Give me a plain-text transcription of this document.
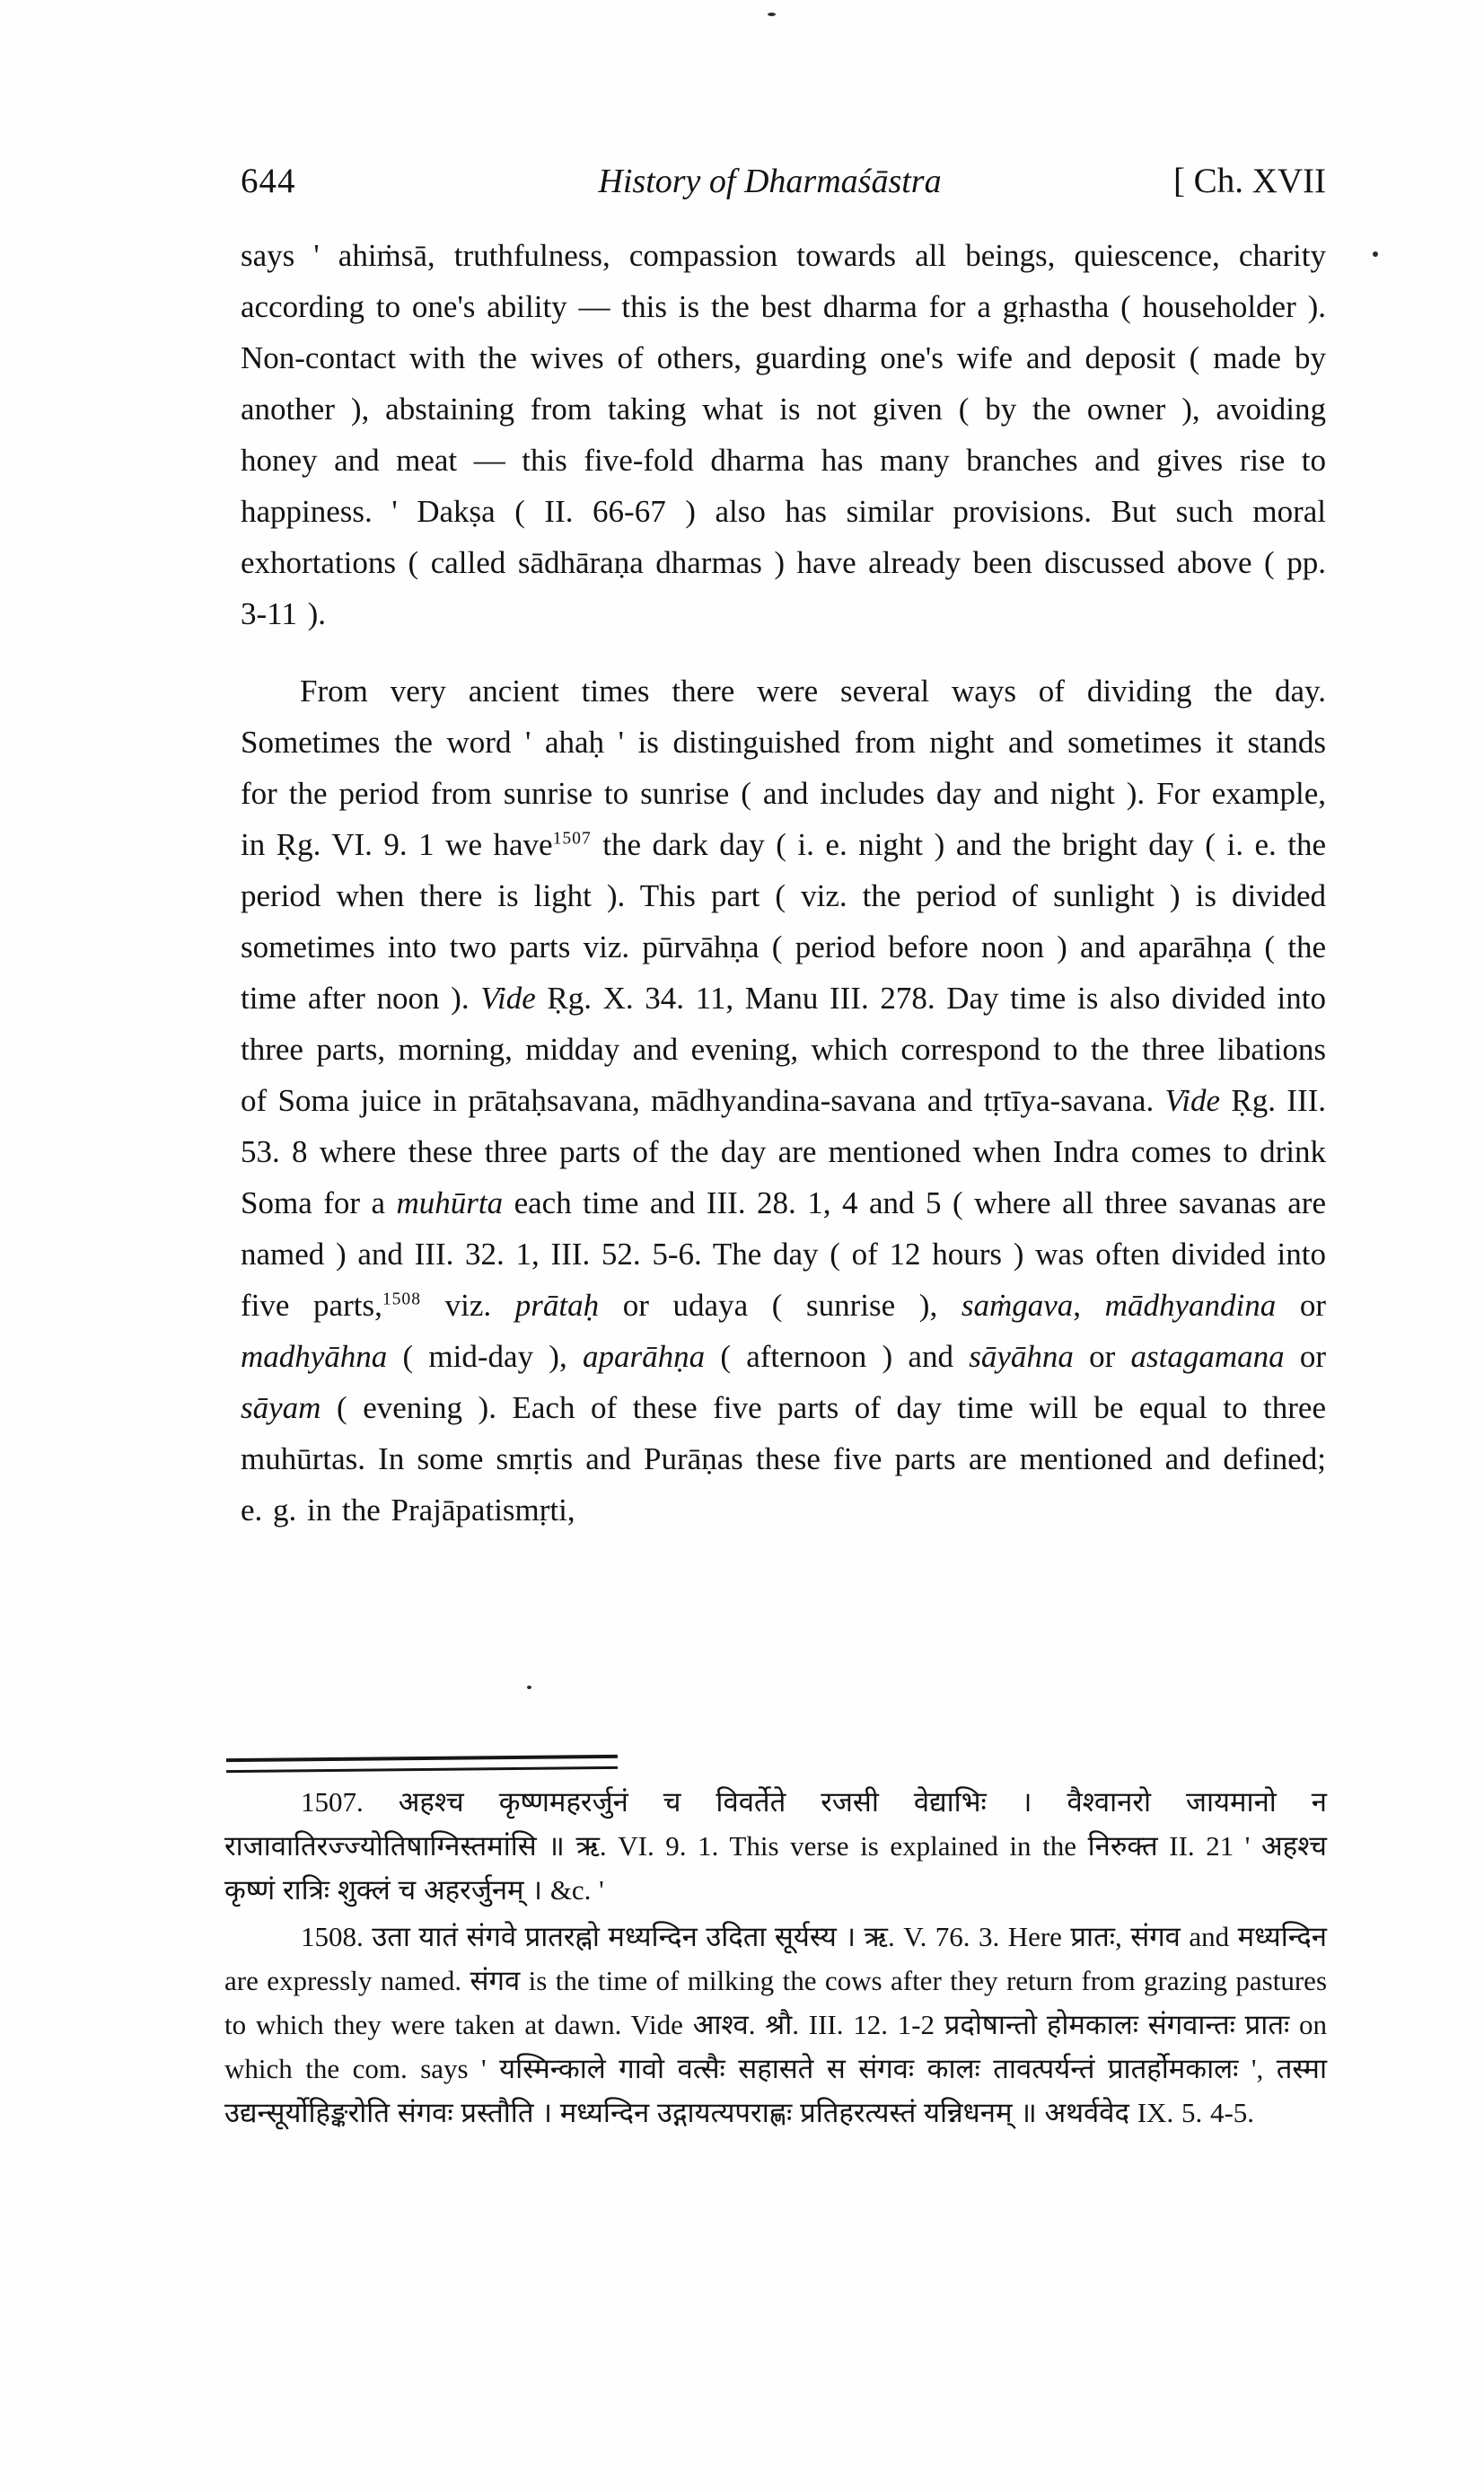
644	History of Dharmaśāstra	[ Ch. XVII

says ' ahiṁsā, truthfulness, compassion towards all beings, quiescence, charity according to one's ability — this is the best dharma for a gṛhastha ( householder ). Non-contact with the wives of others, guarding one's wife and deposit ( made by another ), abstaining from taking what is not given ( by the owner ), avoiding honey and meat — this five-fold dharma has many branches and gives rise to happiness. ' Dakṣa ( II. 66-67 ) also has similar provisions. But such moral exhortations ( called sādhāraṇa dharmas ) have already been discussed above ( pp. 3-11 ).

From very ancient times there were several ways of dividing the day. Sometimes the word ' ahaḥ ' is distinguished from night and sometimes it stands for the period from sunrise to sunrise ( and includes day and night ). For example, in Ṛg. VI. 9. 1 we have$^{1507}$ the dark day ( i. e. night ) and the bright day ( i. e. the period when there is light ). This part ( viz. the period of sunlight ) is divided sometimes into two parts viz. pūrvāhṇa ( period before noon ) and aparāhṇa ( the time after noon ). Vide Ṛg. X. 34. 11, Manu III. 278. Day time is also divided into three parts, morning, midday and evening, which correspond to the three libations of Soma juice in prātaḥsavana, mādhyandina-savana and tṛtīya-savana. Vide Ṛg. III. 53. 8 where these three parts of the day are mentioned when Indra comes to drink Soma for a muhūrta each time and III. 28. 1, 4 and 5 ( where all three savanas are named ) and III. 32. 1, III. 52. 5-6. The day ( of 12 hours ) was often divided into five parts,$^{1508}$ viz. prātaḥ or udaya ( sunrise ), saṁgava, mādhyandina or madhyāhna ( mid-day ), aparāhṇa ( afternoon ) and sāyāhna or astagamana or sāyam ( evening ). Each of these five parts of day time will be equal to three muhūrtas. In some smṛtis and Purāṇas these five parts are mentioned and defined; e. g. in the Prajāpatismṛti,

1507. अहश्च कृष्णमहरर्जुनं च विवर्तेते रजसी वेद्याभिः । वैश्वानरो जायमानो न राजावातिरज्ज्योतिषाग्निस्तमांसि ॥ ऋ. VI. 9. 1. This verse is explained in the निरुक्त II. 21 ' अहश्च कृष्णं रात्रिः शुक्लं च अहरर्जुनम् । &c. '

1508. उता यातं संगवे प्रातरह्नो मध्यन्दिन उदिता सूर्यस्य । ऋ. V. 76. 3. Here प्रातः, संगव and मध्यन्दिन are expressly named. संगव is the time of milking the cows after they return from grazing pastures to which they were taken at dawn. Vide आश्व. श्रौ. III. 12. 1-2 प्रदोषान्तो होमकालः संगवान्तः प्रातः on which the com. says ' यस्मिन्काले गावो वत्सैः सहासते स संगवः कालः तावत्पर्यन्तं प्रातर्होमकालः ', तस्मा उद्यन्सूर्योहिङ्करोति संगवः प्रस्तौति । मध्यन्दिन उद्गायत्यपराह्णः प्रतिहरत्यस्तं यन्निधनम् ॥ अथर्ववेद IX. 5. 4-5.
